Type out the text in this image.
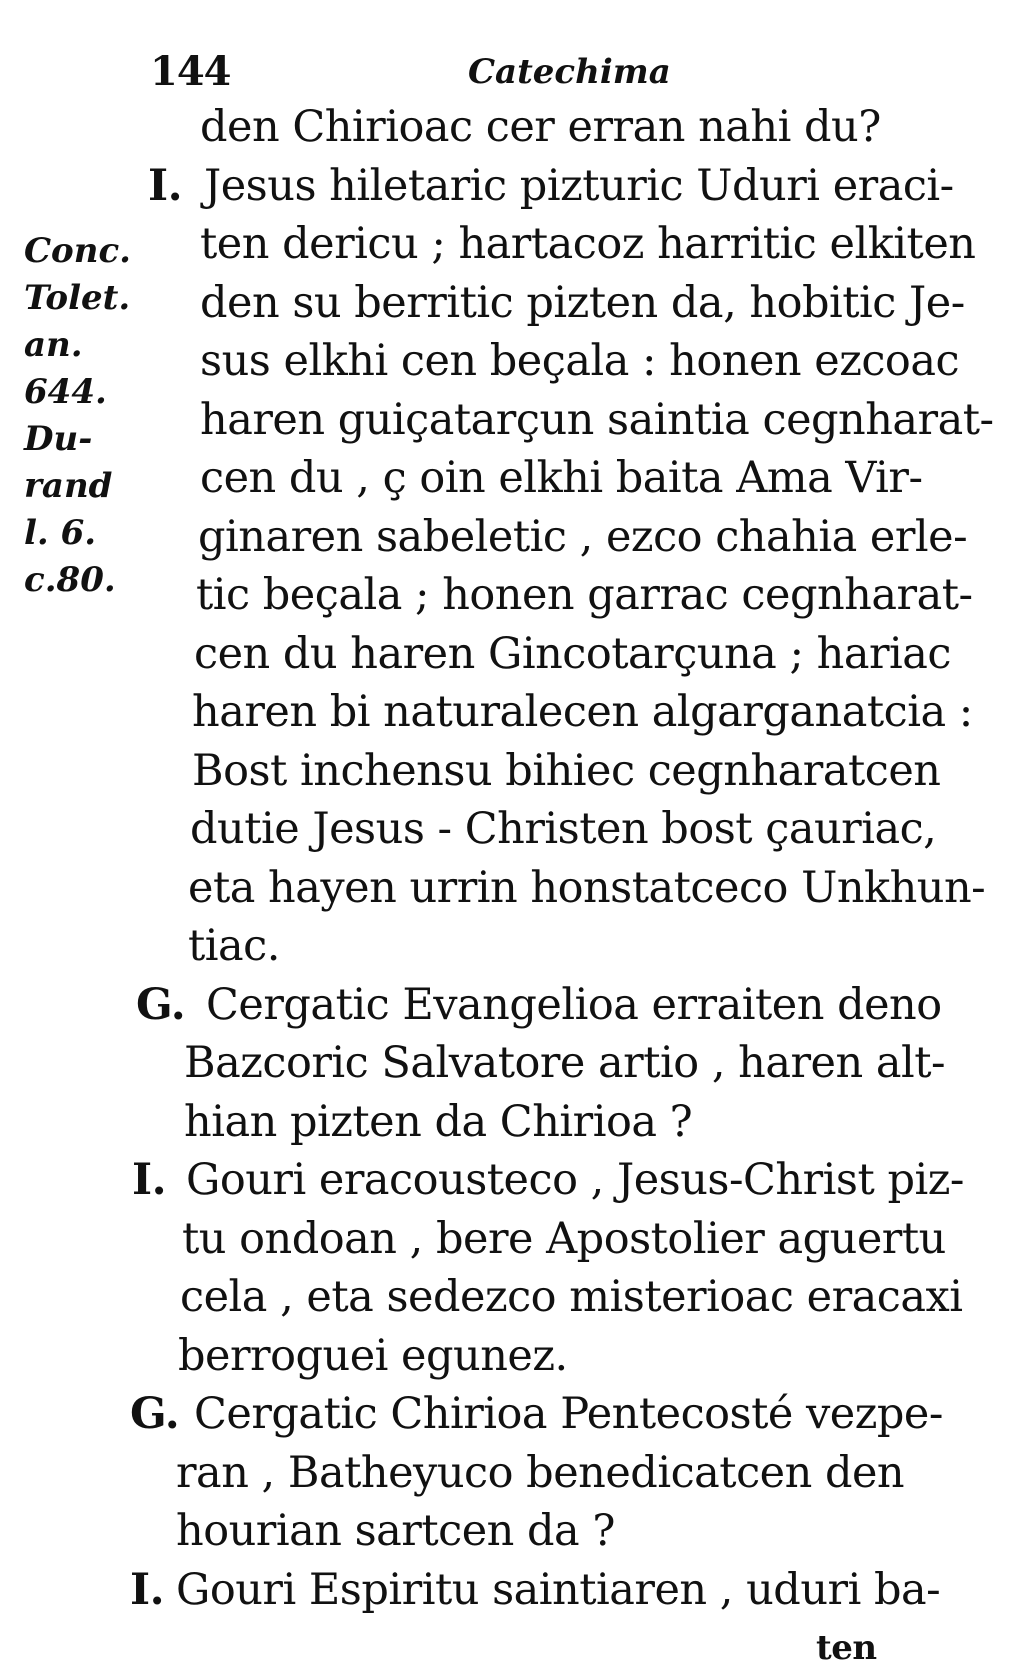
144	Catechima
Conc.
Tolet.
an.
644.
Du-
rand
l. 6.
c.80.
den Chirioac cer erran nahi du?
I. Jesus hiletaric pizturic Uduri eraci-
ten dericu ; hartacoz harritic elkiten
den su berritic pizten da, hobitic Je-
sus elkhi cen beçala : honen ezcoac
haren guiçatarçun saintia cegnharat-
cen du , ç oin elkhi baita Ama Vir-
ginaren sabeletic , ezco chahia erle-
tic beçala ; honen garrac cegnharat-
cen du haren Gincotarçuna ; hariac
haren bi naturalecen algarganatcia :
Bost inchensu bihiec cegnharatcen
dutie Jesus - Christen bost çauriac,
eta hayen urrin honstatceco Unkhun-
tiac.
G. Cergatic Evangelioa erraiten deno
Bazcoric Salvatore artio , haren alt-
hian pizten da Chirioa ?
I. Gouri eracousteco , Jesus-Christ piz-
tu ondoan , bere Apostolier aguertu
cela , eta sedezco misterioac eracaxi
berroguei egunez.
G. Cergatic Chirioa Pentecosté vezpe-
ran , Batheyuco benedicatcen den
hourian sartcen da ?
I. Gouri Espiritu saintiaren , uduri ba-
ten
